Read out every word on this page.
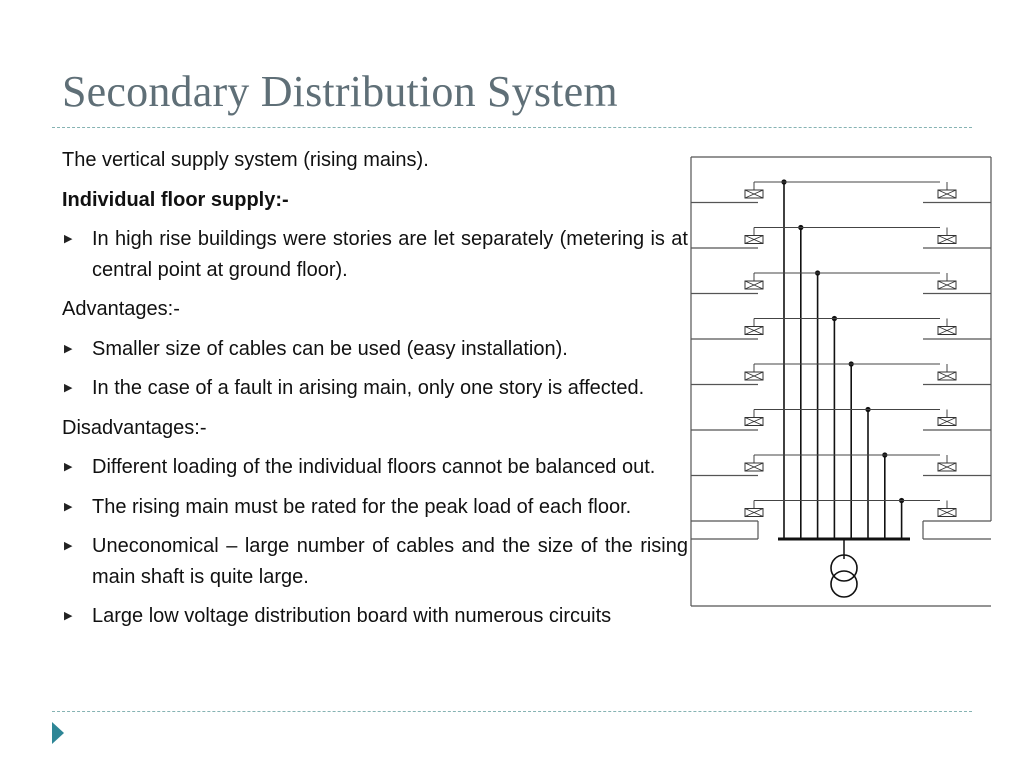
Secondary Distribution System

The vertical supply system (rising mains).

Individual floor supply:-

▶ In high rise buildings were stories are let separately (metering is at central point at ground floor).

Advantages:-

▶ Smaller size of cables can be used (easy installation).
▶ In the case of a fault in arising main, only one story is affected.

Disadvantages:-

▶ Different loading of the individual floors cannot be balanced out.
▶ The rising main must be rated for the peak load of each floor.
▶ Uneconomical – large number of cables and the size of the rising main shaft is quite large.
▶ Large low voltage distribution board with numerous circuits
